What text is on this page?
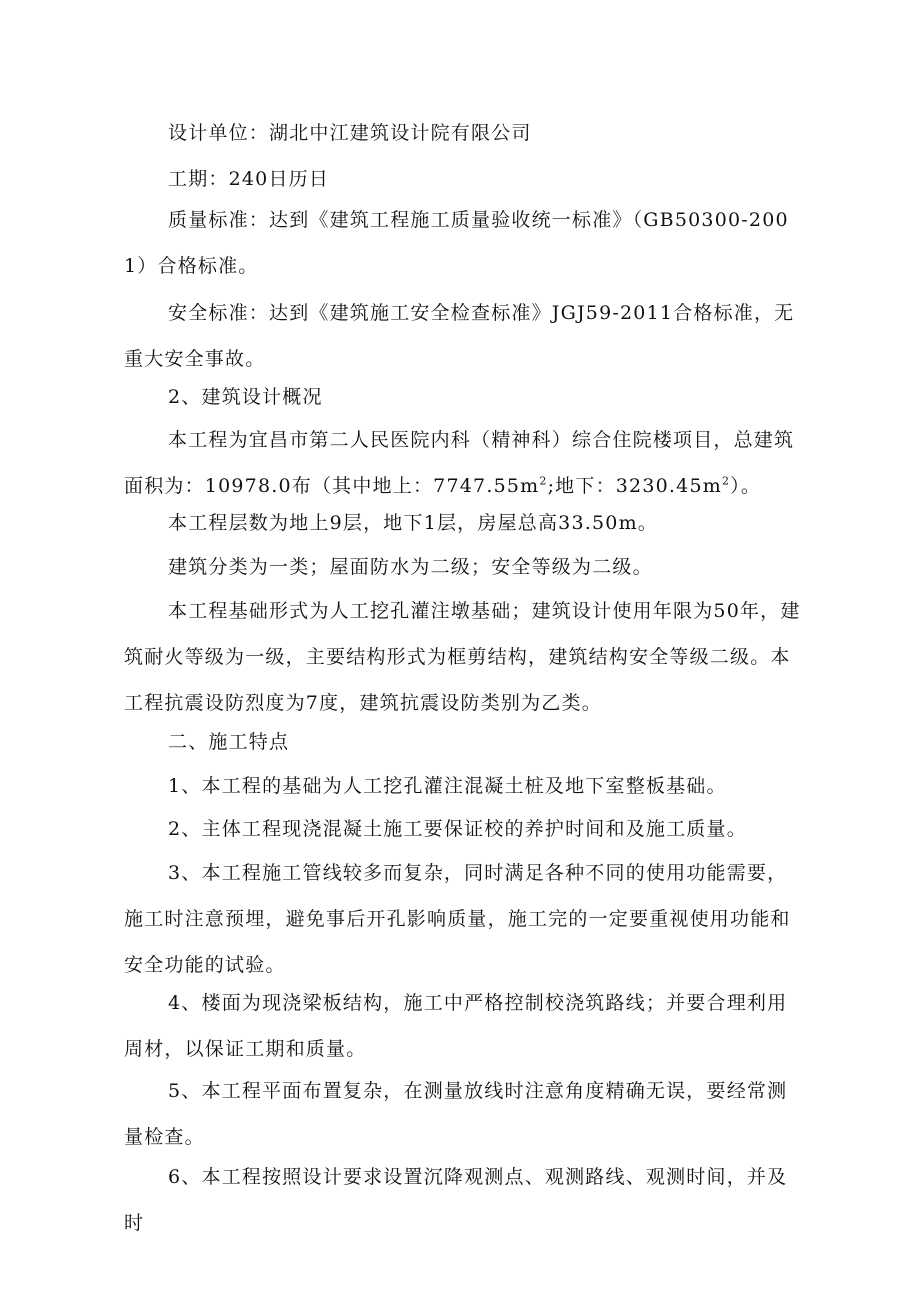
设计单位：湖北中江建筑设计院有限公司

工期：240日历日

质量标准：达到《建筑工程施工质量验收统一标准》（GB50300-2001）合格标准。

安全标准：达到《建筑施工安全检查标准》JGJ59-2011合格标准，无重大安全事故。

2、建筑设计概况

本工程为宜昌市第二人民医院内科（精神科）综合住院楼项目，总建筑面积为：10978.0布（其中地上：$7747.55m^2$;地下：$3230.45m^2$）。

本工程层数为地上9层，地下1层，房屋总高33.50m。

建筑分类为一类；屋面防水为二级；安全等级为二级。

本工程基础形式为人工挖孔灌注墩基础；建筑设计使用年限为50年，建筑耐火等级为一级，主要结构形式为框剪结构，建筑结构安全等级二级。本工程抗震设防烈度为7度，建筑抗震设防类别为乙类。

二、施工特点

1、本工程的基础为人工挖孔灌注混凝土桩及地下室整板基础。

2、主体工程现浇混凝土施工要保证校的养护时间和及施工质量。

3、本工程施工管线较多而复杂，同时满足各种不同的使用功能需要，施工时注意预埋，避免事后开孔影响质量，施工完的一定要重视使用功能和安全功能的试验。

4、楼面为现浇梁板结构，施工中严格控制校浇筑路线；并要合理利用周材，以保证工期和质量。

5、本工程平面布置复杂，在测量放线时注意角度精确无误，要经常测量检查。

6、本工程按照设计要求设置沉降观测点、观测路线、观测时间，并及时
